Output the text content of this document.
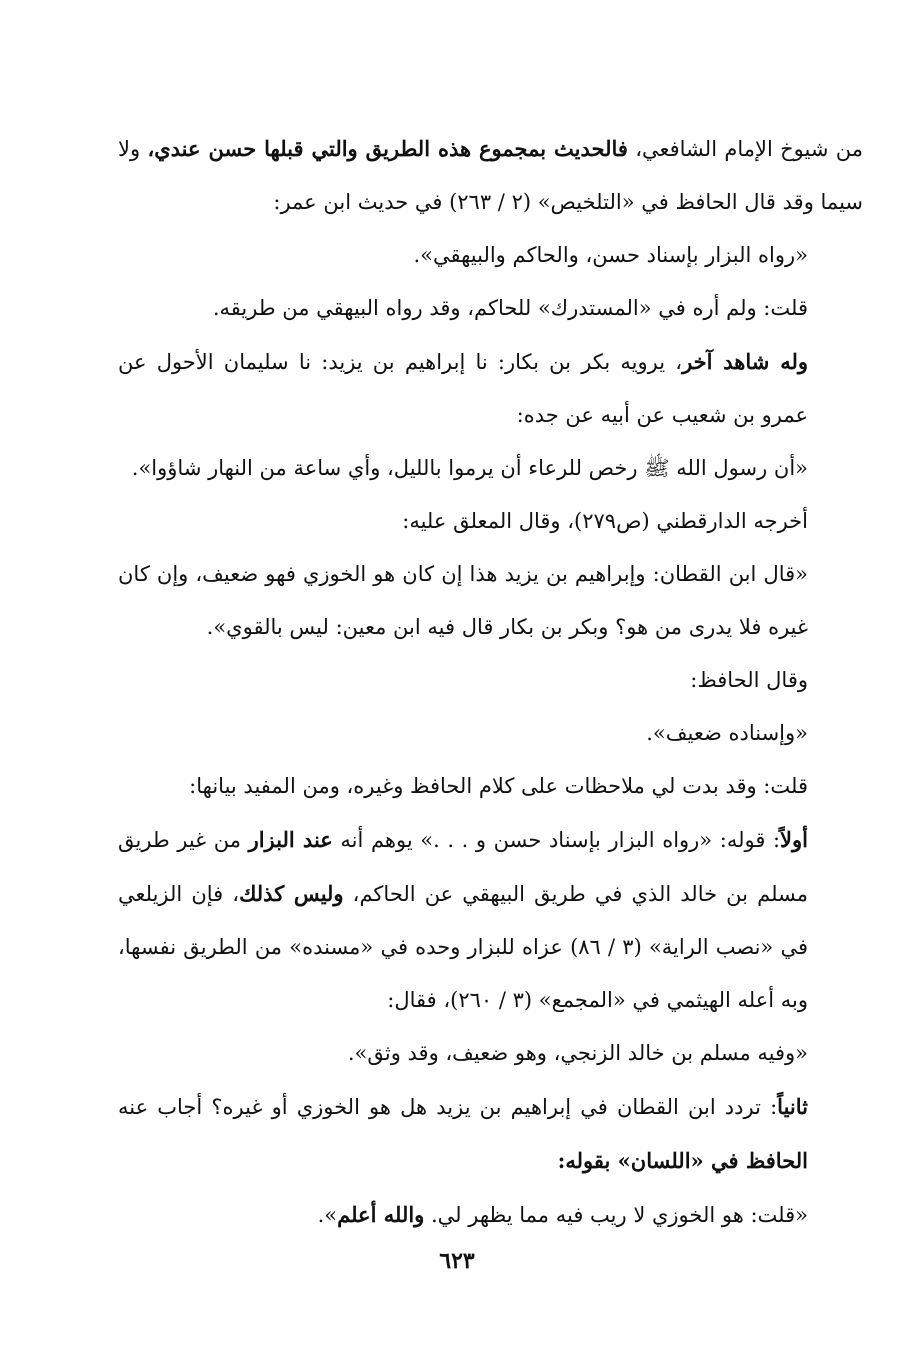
من شيوخ الإمام الشافعي، فالحديث بمجموع هذه الطريق والتي قبلها حسن عندي، ولا سيما وقد قال الحافظ في «التلخيص» (٢ / ٢٦٣) في حديث ابن عمر:

«رواه البزار بإسناد حسن، والحاكم والبيهقي».

قلت: ولم أره في «المستدرك» للحاكم، وقد رواه البيهقي من طريقه.

وله شاهد آخر، يرويه بكر بن بكار: نا إبراهيم بن يزيد: نا سليمان الأحول عن عمرو بن شعيب عن أبيه عن جده:

«أن رسول الله ﷺ رخص للرعاء أن يرموا بالليل، وأي ساعة من النهار شاؤوا».

أخرجه الدارقطني (ص٢٧٩)، وقال المعلق عليه:

«قال ابن القطان: وإبراهيم بن يزيد هذا إن كان هو الخوزي فهو ضعيف، وإن كان غيره فلا يدرى من هو؟ وبكر بن بكار قال فيه ابن معين: ليس بالقوي».

وقال الحافظ:

«وإسناده ضعيف».

قلت: وقد بدت لي ملاحظات على كلام الحافظ وغيره، ومن المفيد بيانها:

أولاً: قوله: «رواه البزار بإسناد حسن و . . .» يوهم أنه عند البزار من غير طريق مسلم بن خالد الذي في طريق البيهقي عن الحاكم، وليس كذلك، فإن الزيلعي في «نصب الراية» (٣ / ٨٦) عزاه للبزار وحده في «مسنده» من الطريق نفسها، وبه أعله الهيثمي في «المجمع» (٣ / ٢٦٠)، فقال:

«وفيه مسلم بن خالد الزنجي، وهو ضعيف، وقد وثق».

ثانياً: تردد ابن القطان في إبراهيم بن يزيد هل هو الخوزي أو غيره؟ أجاب عنه الحافظ في «اللسان» بقوله:

«قلت: هو الخوزي لا ريب فيه مما يظهر لي. والله أعلم».

٦٢٣
